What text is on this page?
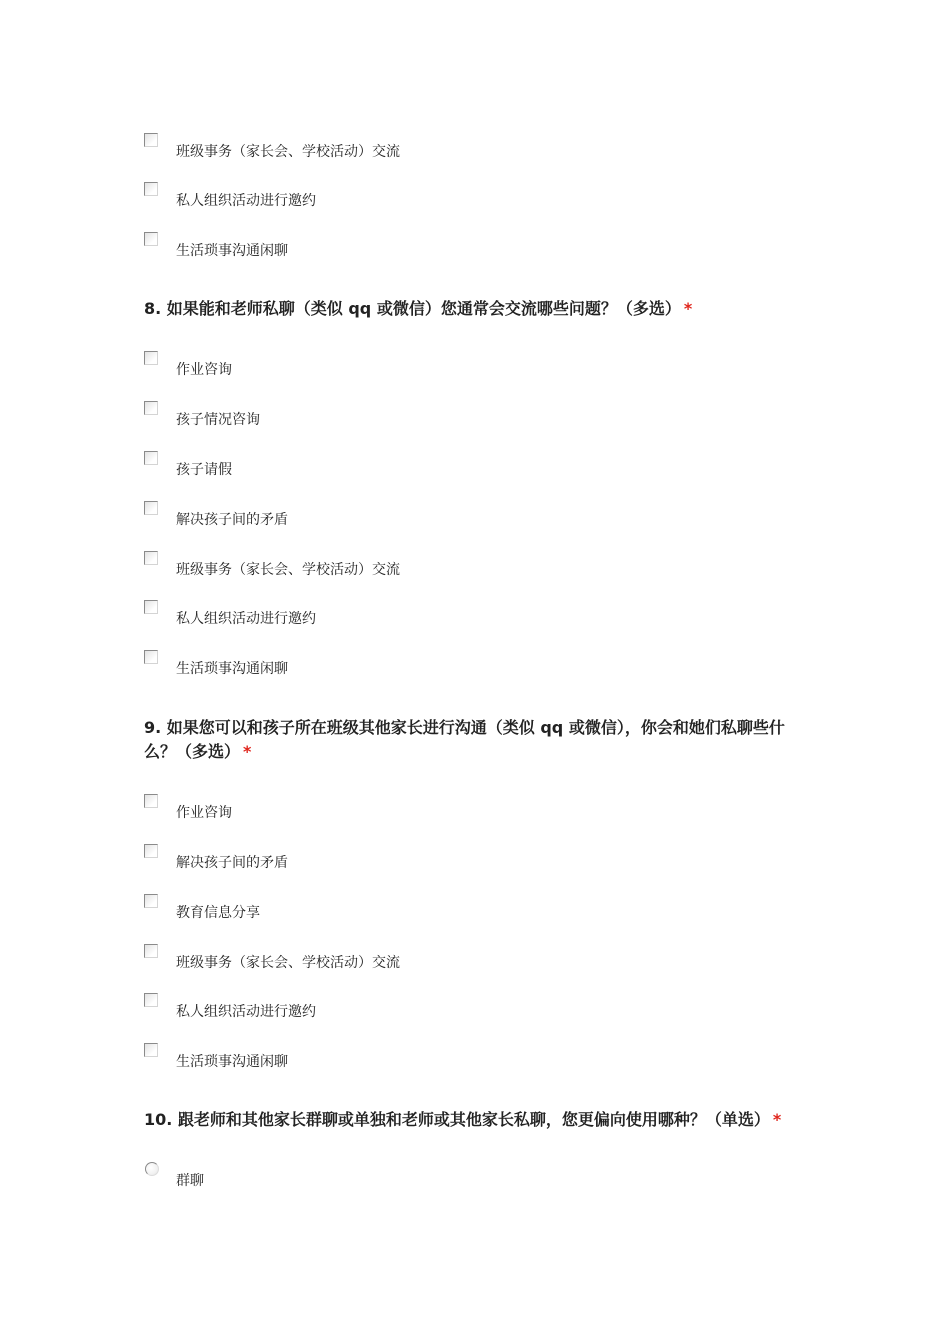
班级事务（家长会、学校活动）交流
私人组织活动进行邀约
生活琐事沟通闲聊
8. 如果能和老师私聊（类似 qq 或微信）您通常会交流哪些问题？（多选） *
作业咨询
孩子情况咨询
孩子请假
解决孩子间的矛盾
班级事务（家长会、学校活动）交流
私人组织活动进行邀约
生活琐事沟通闲聊
9. 如果您可以和孩子所在班级其他家长进行沟通（类似 qq 或微信），你会和她们私聊些什
么？（多选） *
作业咨询
解决孩子间的矛盾
教育信息分享
班级事务（家长会、学校活动）交流
私人组织活动进行邀约
生活琐事沟通闲聊
10. 跟老师和其他家长群聊或单独和老师或其他家长私聊，您更偏向使用哪种？（单选） *
群聊
